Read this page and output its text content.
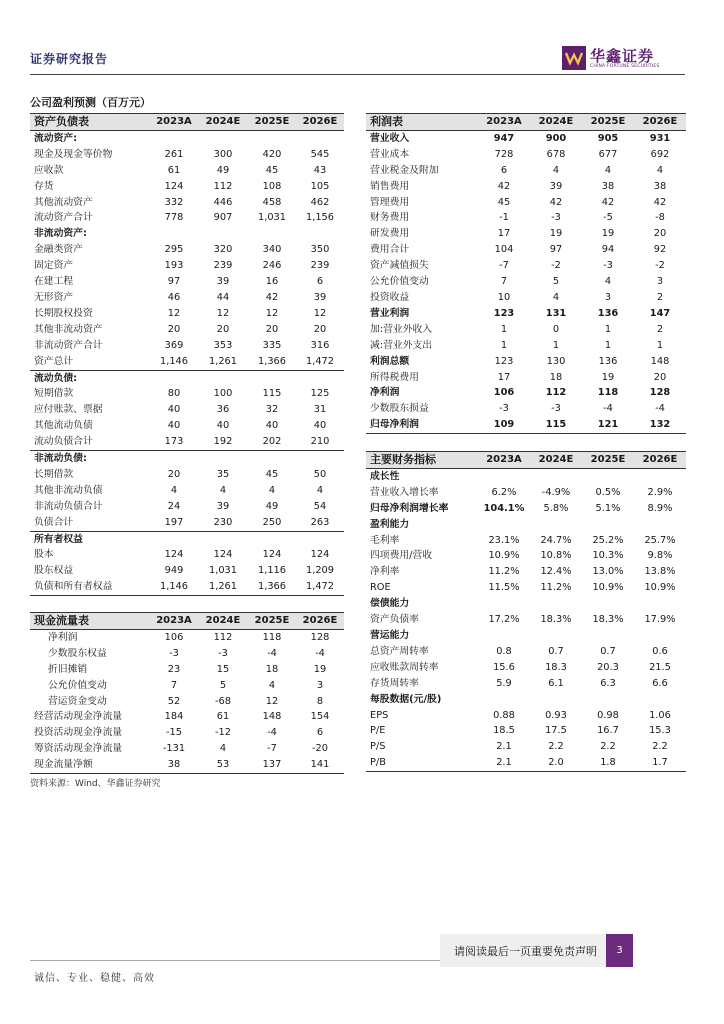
证券研究报告	华鑫证券
CHINA FORTUNE SECURITIES
公司盈利预测（百万元）
资产负债表	2023A	2024E	2025E	2026E
流动资产:				
现金及现金等价物	261	300	420	545
应收款	61	49	45	43
存货	124	112	108	105
其他流动资产	332	446	458	462
流动资产合计	778	907	1,031	1,156
非流动资产:				
金融类资产	295	320	340	350
固定资产	193	239	246	239
在建工程	97	39	16	6
无形资产	46	44	42	39
长期股权投资	12	12	12	12
其他非流动资产	20	20	20	20
非流动资产合计	369	353	335	316
资产总计	1,146	1,261	1,366	1,472
流动负债:				
短期借款	80	100	115	125
应付账款、票据	40	36	32	31
其他流动负债	40	40	40	40
流动负债合计	173	192	202	210
非流动负债:				
长期借款	20	35	45	50
其他非流动负债	4	4	4	4
非流动负债合计	24	39	49	54
负债合计	197	230	250	263
所有者权益				
股本	124	124	124	124
股东权益	949	1,031	1,116	1,209
负债和所有者权益	1,146	1,261	1,366	1,472
利润表	2023A	2024E	2025E	2026E
营业收入	947	900	905	931
营业成本	728	678	677	692
营业税金及附加	6	4	4	4
销售费用	42	39	38	38
管理费用	45	42	42	42
财务费用	-1	-3	-5	-8
研发费用	17	19	19	20
费用合计	104	97	94	92
资产减值损失	-7	-2	-3	-2
公允价值变动	7	5	4	3
投资收益	10	4	3	2
营业利润	123	131	136	147
加:营业外收入	1	0	1	2
减:营业外支出	1	1	1	1
利润总额	123	130	136	148
所得税费用	17	18	19	20
净利润	106	112	118	128
少数股东损益	-3	-3	-4	-4
归母净利润	109	115	121	132
主要财务指标	2023A	2024E	2025E	2026E
成长性				
营业收入增长率	6.2%	-4.9%	0.5%	2.9%
归母净利润增长率	104.1%	5.8%	5.1%	8.9%
盈利能力				
毛利率	23.1%	24.7%	25.2%	25.7%
四项费用/营收	10.9%	10.8%	10.3%	9.8%
净利率	11.2%	12.4%	13.0%	13.8%
ROE	11.5%	11.2%	10.9%	10.9%
偿债能力				
资产负债率	17.2%	18.3%	18.3%	17.9%
营运能力				
总资产周转率	0.8	0.7	0.7	0.6
应收账款周转率	15.6	18.3	20.3	21.5
存货周转率	5.9	6.1	6.3	6.6
每股数据(元/股)				
EPS	0.88	0.93	0.98	1.06
P/E	18.5	17.5	16.7	15.3
P/S	2.1	2.2	2.2	2.2
P/B	2.1	2.0	1.8	1.7
现金流量表	2023A	2024E	2025E	2026E
净利润	106	112	118	128
少数股东权益	-3	-3	-4	-4
折旧摊销	23	15	18	19
公允价值变动	7	5	4	3
营运资金变动	52	-68	12	8
经营活动现金净流量	184	61	148	154
投资活动现金净流量	-15	-12	-4	6
筹资活动现金净流量	-131	4	-7	-20
现金流量净额	38	53	137	141
资料来源：Wind、华鑫证券研究
请阅读最后一页重要免责声明	3
诚信、专业、稳健、高效
